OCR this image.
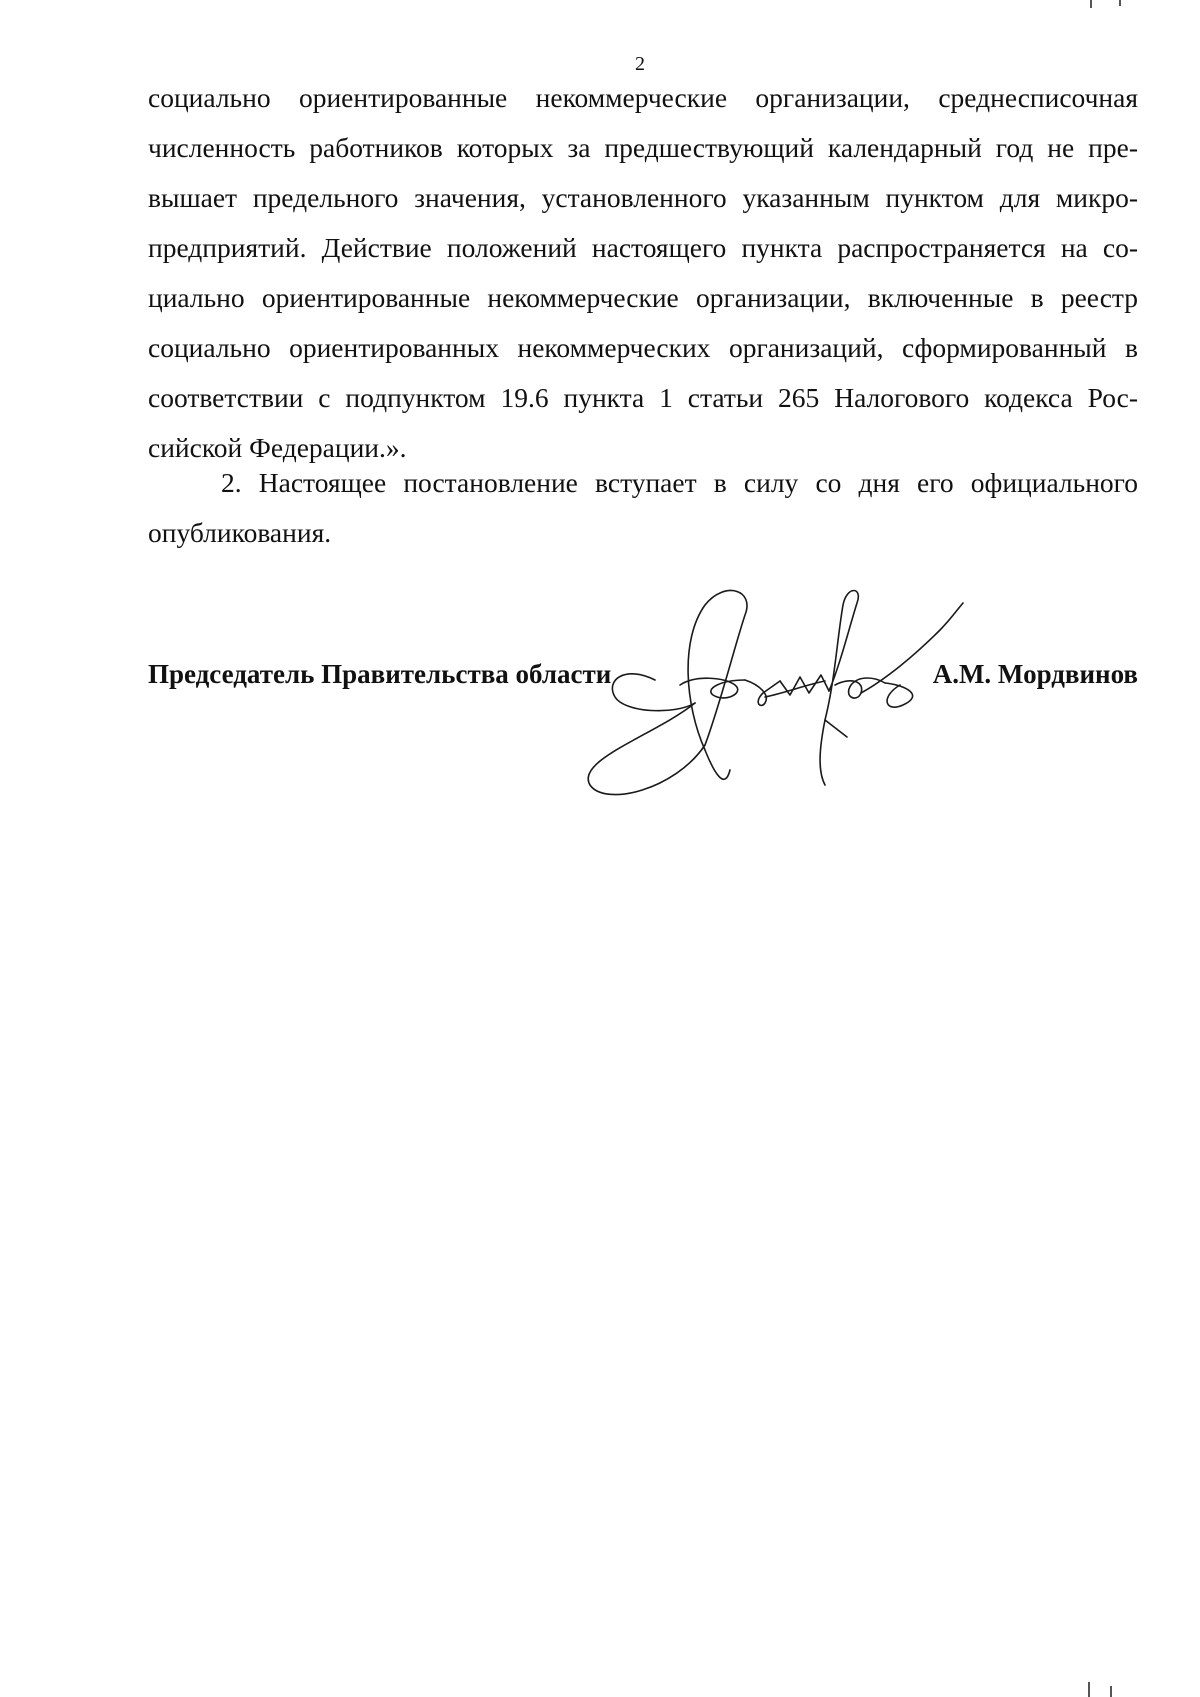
2
социально ориентированные некоммерческие организации, среднесписочная
численность работников которых за предшествующий календарный год не пре-
вышает предельного значения, установленного указанным пунктом для микро-
предприятий. Действие положений настоящего пункта распространяется на со-
циально ориентированные некоммерческие организации, включенные в реестр
социально ориентированных некоммерческих организаций, сформированный в
соответствии с подпунктом 19.6 пункта 1 статьи 265 Налогового кодекса Рос-
сийской Федерации.».
2. Настоящее постановление вступает в силу со дня его официального
опубликования.
Председатель Правительства области	А.М. Мордвинов
